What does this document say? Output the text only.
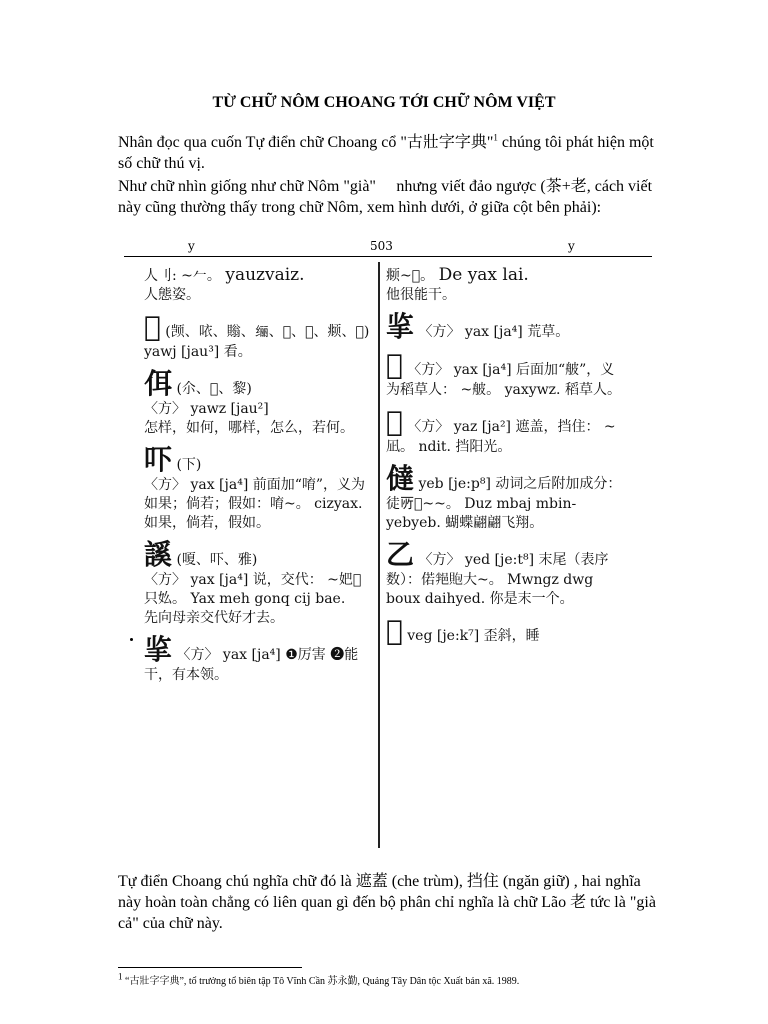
TỪ CHỮ NÔM CHOANG TỚI CHỮ NÔM VIỆT
Nhân đọc qua cuốn Tự điển chữ Choang cổ "古壯字字典"$^1$ chúng tôi phát hiện một số chữ thú vị.
Như chữ nhìn giống như chữ Nôm "già" 𦓅 nhưng viết đảo ngược (茶+老, cách viết này cũng thường thấy trong chữ Nôm, xem hình dưới, ở giữa cột bên phải):
y	503	y
人刂: ~𠂉。 yauzvaiz.
人態姿。
𪎍 (𫖮、𠲖、𧷜、𫄥、𥈳、𦚦、𫖯、𠴐)
yawj [jau³] 看。
佴 (尒、𪟊、黎)
〈方〉 yawz [jau²]
怎样，如何，哪样，怎么，若何。
吓 (下)
〈方〉 yax [ja⁴] 前面加“唷”，义为如果；倘若；假如：唷~。 cizyax.
如果，倘若，假如。
謑 (嗄、吓、雅)
〈方〉 yax [ja⁴] 说，交代： ~妑𫍥只𡚸。 Yax meh gonq cij bae.
先向母亲交代好才去。
㧛 〈方〉 yax [ja⁴] ❶厉害 ❷能干，有本领。
𫖯~𫛵。 De yax lai.
他很能干。
㧛 〈方〉 yax [ja⁴] 荒草。
𪭅 〈方〉 yax [ja⁴] 后面加“𦨭”，义为稻草人： ~𦨭。 yaxywz. 稻草人。
𦓅 〈方〉 yaz [ja²] 遮盖，挡住： ~凪。 ndit. 挡阳光。
㒓 yeb [je:p⁸] 动词之后附加成分：徒𫠦𦓅~~。 Duz mbaj mbin-yebyeb. 蝴蝶翩翩飞翔。
乙 〈方〉 yed [je:t⁸] 末尾（表序数）：偌𨚚𧵢大~。 Mwngz dwg boux daihyed. 你是末一个。
𠮝 veg [je:k⁷] 歪斜，睡
Tự điển Choang chú nghĩa chữ đó là 遮蓋 (che trùm), 挡住 (ngăn giữ) , hai nghĩa này hoàn toàn chẳng có liên quan gì đến bộ phân chỉ nghĩa là chữ Lão 老 tức là "già cả" của chữ này.
$^1$ “古壯字字典”, tổ trưởng tổ biên tập Tô Vĩnh Cần 苏永勤, Quảng Tây Dân tộc Xuất bản xã. 1989.
